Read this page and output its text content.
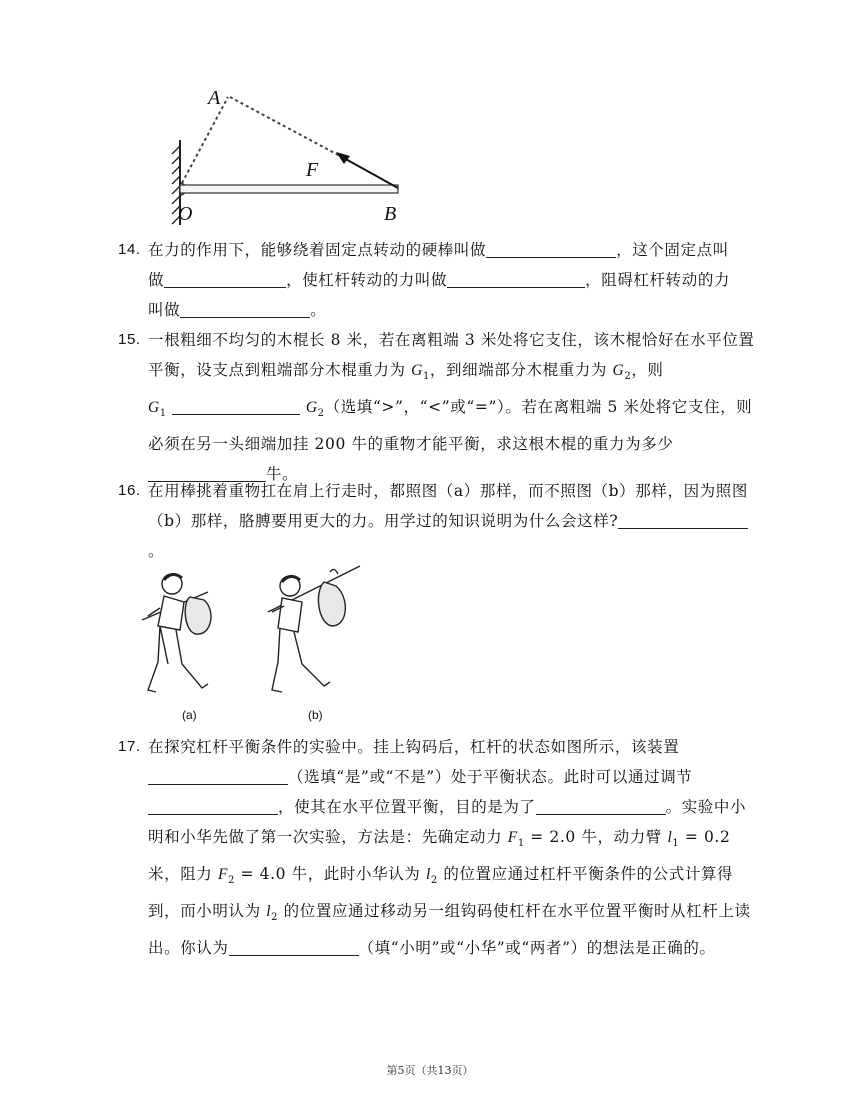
A
F
O	B
14. 在力的作用下，能够绕着固定点转动的硬棒叫做	，这个固定点叫
做	，使杠杆转动的力叫做	，阻碍杠杆转动的力
叫做	。
15. 一根粗细不均匀的木棍长 8 米，若在离粗端 3 米处将它支住，该木棍恰好在水平位置平衡，设支点到粗端部分木棍重力为 $G_1$，到细端部分木棍重力为 $G_2$，则
$G_1$	$G_2$（选填“>”，“<”或“=”）。若在离粗端 5 米处将它支住，则必须在另一头细端加挂 200 牛的重物才能平衡，求这根木棍的重力为多少牛。
16. 在用棒挑着重物扛在肩上行走时，都照图（a）那样，而不照图（b）那样，因为照图（b）那样，胳膊要用更大的力。用学过的知识说明为什么会这样?。
(a)	(b)
17. 在探究杠杆平衡条件的实验中。挂上钩码后，杠杆的状态如图所示，该装置（选填“是”或“不是”）处于平衡状态。此时可以通过调节，使其在水平位置平衡，目的是为了	。实验中小明和小华先做了第一次实验，方法是：先确定动力 $F_1 = 2.0$ 牛，动力臂 $l_1 = 0.2$ 米，阻力 $F_2 = 4.0$ 牛，此时小华认为 $l_2$ 的位置应通过杠杆平衡条件的公式计算得到，而小明认为 $l_2$ 的位置应通过移动另一组钩码使杠杆在水平位置平衡时从杠杆上读出。你认为	（填“小明”或“小华”或“两者”）的想法是正确的。
第5页（共13页）
